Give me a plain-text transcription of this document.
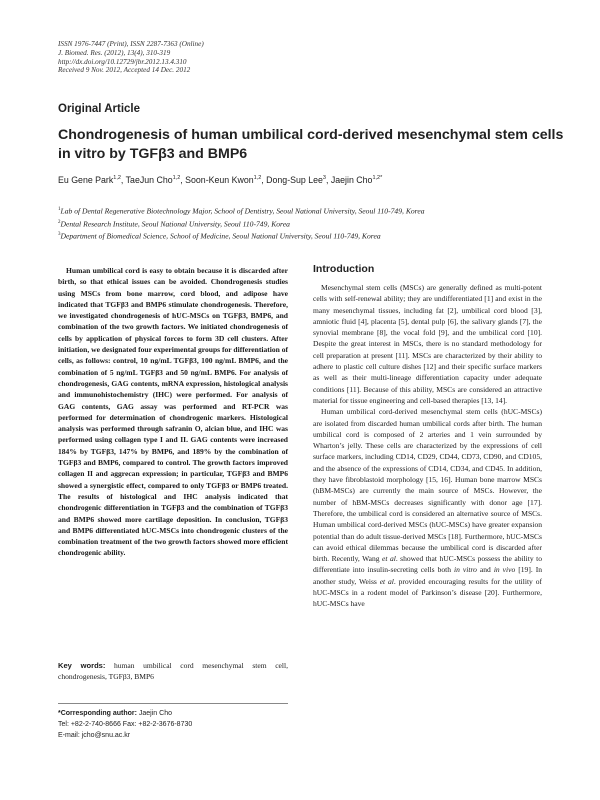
ISSN 1976-7447 (Print), ISSN 2287-7363 (Online)
J. Biomed. Res. (2012), 13(4), 310-319
http://dx.doi.org/10.12729/jbr.2012.13.4.310
Received 9 Nov. 2012, Accepted 14 Dec. 2012
Original Article
Chondrogenesis of human umbilical cord-derived mesenchymal stem cells in vitro by TGFβ3 and BMP6
Eu Gene Park$^{1,2}$, TaeJun Cho$^{1,2}$, Soon-Keun Kwon$^{1,2}$, Dong-Sup Lee$^3$, Jaejin Cho$^{1,2*}$
$^1$Lab of Dental Regenerative Biotechnology Major, School of Dentistry, Seoul National University, Seoul 110-749, Korea
$^2$Dental Research Institute, Seoul National University, Seoul 110-749, Korea
$^3$Department of Biomedical Science, School of Medicine, Seoul National University, Seoul 110-749, Korea

Human umbilical cord is easy to obtain because it is discarded after birth, so that ethical issues can be avoided. Chondrogenesis studies using MSCs from bone marrow, cord blood, and adipose have indicated that TGFβ3 and BMP6 stimulate chondrogenesis. Therefore, we investigated chondrogenesis of hUC-MSCs on TGFβ3, BMP6, and combination of the two growth factors. We initiated chondrogenesis of cells by application of physical forces to form 3D cell clusters. After initiation, we designated four experimental groups for differentiation of cells, as follows: control, 10 ng/mL TGFβ3, 100 ng/mL BMP6, and the combination of 5 ng/mL TGFβ3 and 50 ng/mL BMP6. For analysis of chondrogenesis, GAG contents, mRNA expression, histological analysis and immunohistochemistry (IHC) were performed. For analysis of GAG contents, GAG assay was performed and RT-PCR was performed for determination of chondrogenic markers. Histological analysis was performed through safranin O, alcian blue, and IHC was performed using collagen type I and II. GAG contents were increased 184% by TGFβ3, 147% by BMP6, and 189% by the combination of TGFβ3 and BMP6, compared to control. The growth factors improved collagen II and aggrecan expression; in particular, TGFβ3 and BMP6 showed a synergistic effect, compared to only TGFβ3 or BMP6 treated. The results of histological and IHC analysis indicated that chondrogenic differentiation in TGFβ3 and the combination of TGFβ3 and BMP6 showed more cartilage deposition. In conclusion, TGFβ3 and BMP6 differentiated hUC-MSCs into chondrogenic clusters of the combination treatment of the two growth factors showed more efficient chondrogenic ability.

Key words: human umbilical cord mesenchymal stem cell, chondrogenesis, TGFβ3, BMP6
*Corresponding author: Jaejin Cho
Tel: +82-2-740-8666 Fax: +82-2-3676-8730
E-mail: jcho@snu.ac.kr
Introduction

Mesenchymal stem cells (MSCs) are generally defined as multi-potent cells with self-renewal ability; they are undifferentiated [1] and exist in the many mesenchymal tissues, including fat [2], umbilical cord blood [3], amniotic fluid [4], placenta [5], dental pulp [6], the salivary glands [7], the synovial membrane [8], the vocal fold [9], and the umbilical cord [10]. Despite the great interest in MSCs, there is no standard methodology for cell preparation at present [11]. MSCs are characterized by their ability to adhere to plastic cell culture dishes [12] and their specific surface markers as well as their multi-lineage differentiation capacity under adequate conditions [11]. Because of this ability, MSCs are considered an attractive material for tissue engineering and cell-based therapies [13, 14].

Human umbilical cord-derived mesenchymal stem cells (hUC-MSCs) are isolated from discarded human umbilical cords after birth. The human umbilical cord is composed of 2 arteries and 1 vein surrounded by Wharton’s jelly. These cells are characterized by the expressions of cell surface markers, including CD14, CD29, CD44, CD73, CD90, and CD105, and the absence of the expressions of CD14, CD34, and CD45. In addition, they have fibroblastoid morphology [15, 16]. Human bone marrow MSCs (hBM-MSCs) are currently the main source of MSCs. However, the number of hBM-MSCs decreases significantly with donor age [17]. Therefore, the umbilical cord is considered an alternative source of MSCs. Human umbilical cord-derived MSCs (hUC-MSCs) have greater expansion potential than do adult tissue-derived MSCs [18]. Furthermore, hUC-MSCs can avoid ethical dilemmas because the umbilical cord is discarded after birth. Recently, Wang et al. showed that hUC-MSCs possess the ability to differentiate into insulin-secreting cells both in vitro and in vivo [19]. In another study, Weiss et al. provided encouraging results for the utility of hUC-MSCs in a rodent model of Parkinson’s disease [20]. Furthermore, hUC-MSCs have
